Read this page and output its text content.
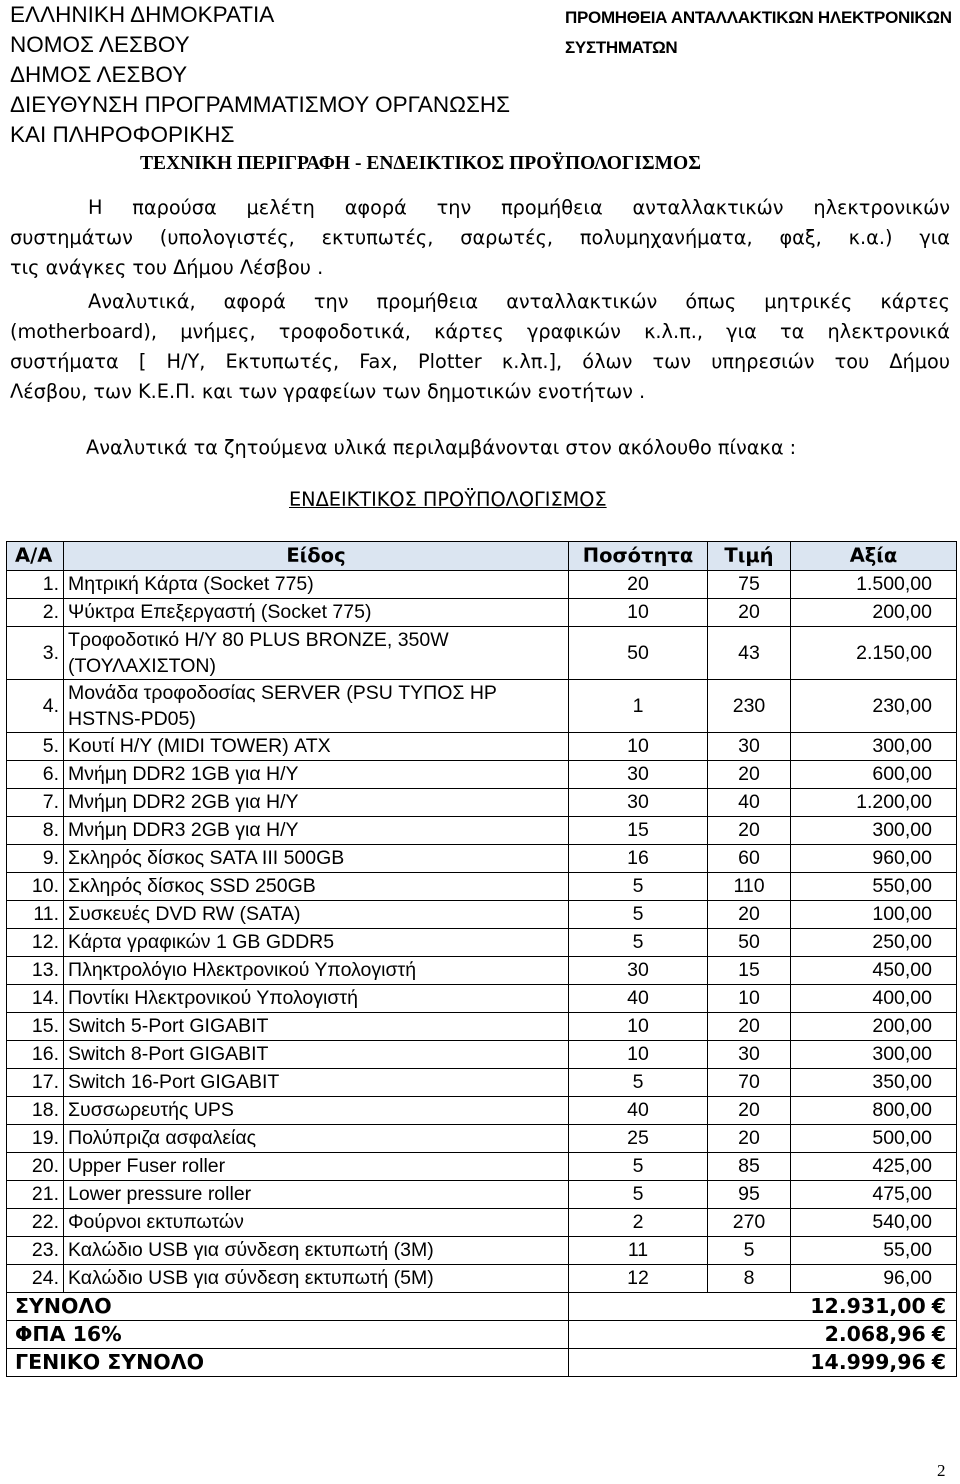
ΕΛΛΗΝΙΚΗ ΔΗΜΟΚΡΑΤΙΑ
ΝΟΜΟΣ ΛΕΣΒΟΥ
ΔΗΜΟΣ ΛΕΣΒΟΥ
ΔΙΕΥΘΥΝΣΗ ΠΡΟΓΡΑΜΜΑΤΙΣΜΟΥ ΟΡΓΑΝΩΣΗΣ
ΚΑΙ ΠΛΗΡΟΦΟΡΙΚΗΣ
ΠΡΟΜΗΘΕΙΑ ΑΝΤΑΛΛΑΚΤΙΚΩΝ ΗΛΕΚΤΡΟΝΙΚΩΝ
ΣΥΣΤΗΜΑΤΩΝ
ΤΕΧΝΙΚΗ ΠΕΡΙΓΡΑΦΗ - ΕΝΔΕΙΚΤΙΚΟΣ ΠΡΟΫΠΟΛΟΓΙΣΜΟΣ
Η παρούσα μελέτη αφορά την προμήθεια ανταλλακτικών ηλεκτρονικών
συστημάτων (υπολογιστές, εκτυπωτές, σαρωτές, πολυμηχανήματα, φαξ, κ.α.) για
τις ανάγκες του Δήμου Λέσβου .
Αναλυτικά, αφορά την προμήθεια ανταλλακτικών όπως μητρικές κάρτες
(motherboard), μνήμες, τροφοδοτικά, κάρτες γραφικών κ.λ.π., για τα ηλεκτρονικά
συστήματα [ Η/Υ, Εκτυπωτές, Fax, Plotter κ.λπ.], όλων των υπηρεσιών του Δήμου
Λέσβου, των Κ.Ε.Π. και των γραφείων των δημοτικών ενοτήτων .
Αναλυτικά τα ζητούμενα υλικά περιλαμβάνονται στον ακόλουθο πίνακα :
ΕΝΔΕΙΚΤΙΚΟΣ ΠΡΟΫΠΟΛΟΓΙΣΜΟΣ
Α/Α	Είδος	Ποσότητα	Τιμή	Αξία
1.	Μητρική Κάρτα (Socket 775)	20	75	1.500,00
2.	Ψύκτρα Επεξεργαστή (Socket 775)	10	20	200,00
3.	Τροφοδοτικό Η/Υ 80 PLUS BRONZE, 350W (ΤΟΥΛΑΧΙΣΤΟΝ)	50	43	2.150,00
4.	Μονάδα τροφοδοσίας SERVER (PSU ΤΥΠΟΣ HP HSTNS-PD05)	1	230	230,00
5.	Κουτί Η/Υ (MIDI TOWER) ATX	10	30	300,00
6.	Μνήμη DDR2 1GB για Η/Υ	30	20	600,00
7.	Μνήμη DDR2 2GB για Η/Υ	30	40	1.200,00
8.	Μνήμη DDR3 2GB για Η/Υ	15	20	300,00
9.	Σκληρός δίσκος SATA III 500GB	16	60	960,00
10.	Σκληρός δίσκος SSD 250GB	5	110	550,00
11.	Συσκευές DVD RW (SATA)	5	20	100,00
12.	Κάρτα γραφικών 1 GB GDDR5	5	50	250,00
13.	Πληκτρολόγιο Ηλεκτρονικού Υπολογιστή	30	15	450,00
14.	Ποντίκι Ηλεκτρονικού Υπολογιστή	40	10	400,00
15.	Switch 5-Port GIGABIT	10	20	200,00
16.	Switch 8-Port GIGABIT	10	30	300,00
17.	Switch 16-Port GIGABIT	5	70	350,00
18.	Συσσωρευτής UPS	40	20	800,00
19.	Πολύπριζα ασφαλείας	25	20	500,00
20.	Upper Fuser roller	5	85	425,00
21.	Lower pressure roller	5	95	475,00
22.	Φούρνοι εκτυπωτών	2	270	540,00
23.	Καλώδιο USB για σύνδεση εκτυπωτή (3M)	11	5	55,00
24.	Καλώδιο USB για σύνδεση εκτυπωτή (5M)	12	8	96,00
ΣΥΝΟΛΟ		12.931,00 €		
ΦΠΑ 16%		2.068,96 €		
ΓΕΝΙΚΟ ΣΥΝΟΛΟ		14.999,96 €		
2
